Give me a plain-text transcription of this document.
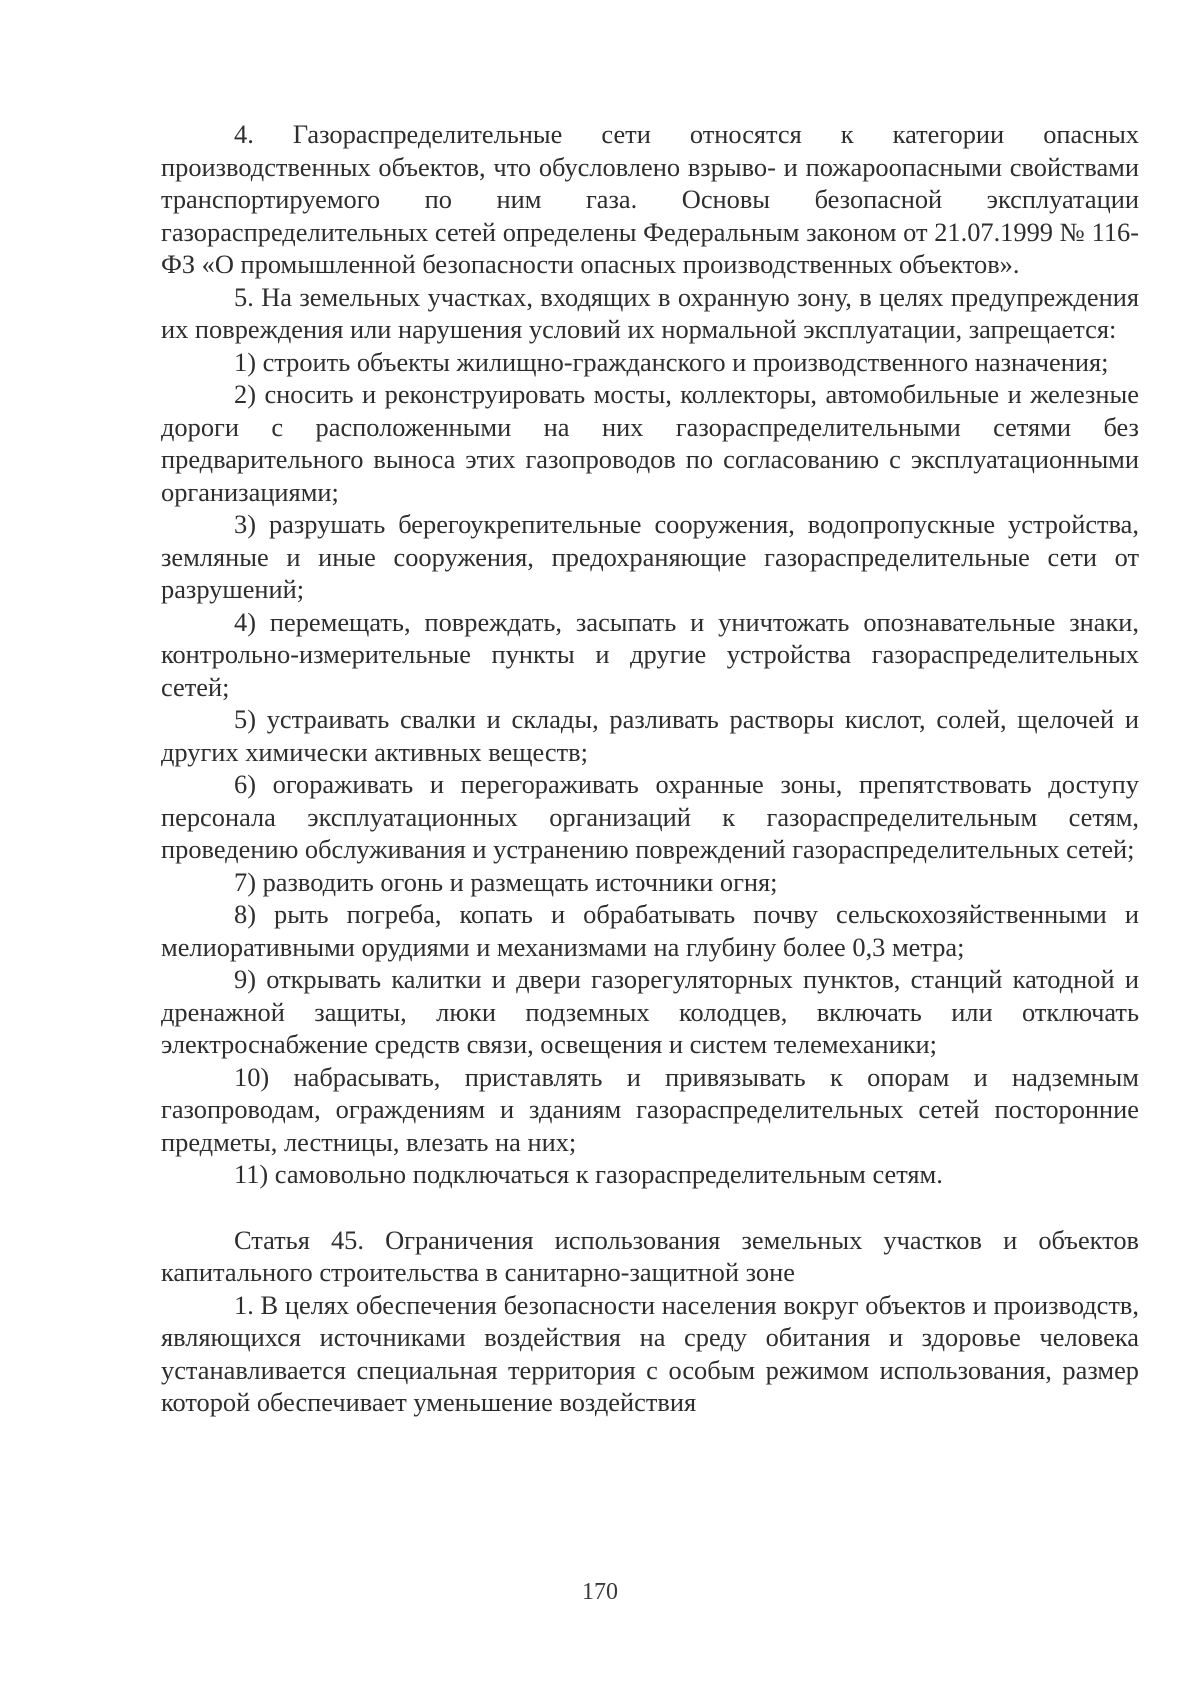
4. Газораспределительные сети относятся к категории опасных производственных объектов, что обусловлено взрыво- и пожароопасными свойствами транспортируемого по ним газа. Основы безопасной эксплуатации газораспределительных сетей определены Федеральным законом от 21.07.1999 № 116-ФЗ «О промышленной безопасности опасных производственных объектов».

5. На земельных участках, входящих в охранную зону, в целях предупреждения их повреждения или нарушения условий их нормальной эксплуатации, запрещается:

1) строить объекты жилищно-гражданского и производственного назначения;

2) сносить и реконструировать мосты, коллекторы, автомобильные и железные дороги с расположенными на них газораспределительными сетями без предварительного выноса этих газопроводов по согласованию с эксплуатационными организациями;

3) разрушать берегоукрепительные сооружения, водопропускные устройства, земляные и иные сооружения, предохраняющие газораспределительные сети от разрушений;

4) перемещать, повреждать, засыпать и уничтожать опознавательные знаки, контрольно-измерительные пункты и другие устройства газораспределительных сетей;

5) устраивать свалки и склады, разливать растворы кислот, солей, щелочей и других химически активных веществ;

6) огораживать и перегораживать охранные зоны, препятствовать доступу персонала эксплуатационных организаций к газораспределительным сетям, проведению обслуживания и устранению повреждений газораспределительных сетей;

7) разводить огонь и размещать источники огня;

8) рыть погреба, копать и обрабатывать почву сельскохозяйственными и мелиоративными орудиями и механизмами на глубину более 0,3 метра;

9) открывать калитки и двери газорегуляторных пунктов, станций катодной и дренажной защиты, люки подземных колодцев, включать или отключать электроснабжение средств связи, освещения и систем телемеханики;

10) набрасывать, приставлять и привязывать к опорам и надземным газопроводам, ограждениям и зданиям газораспределительных сетей посторонние предметы, лестницы, влезать на них;

11) самовольно подключаться к газораспределительным сетям.

Статья 45. Ограничения использования земельных участков и объектов капитального строительства в санитарно-защитной зоне

1. В целях обеспечения безопасности населения вокруг объектов и производств, являющихся источниками воздействия на среду обитания и здоровье человека устанавливается специальная территория с особым режимом использования, размер которой обеспечивает уменьшение воздействия

170
